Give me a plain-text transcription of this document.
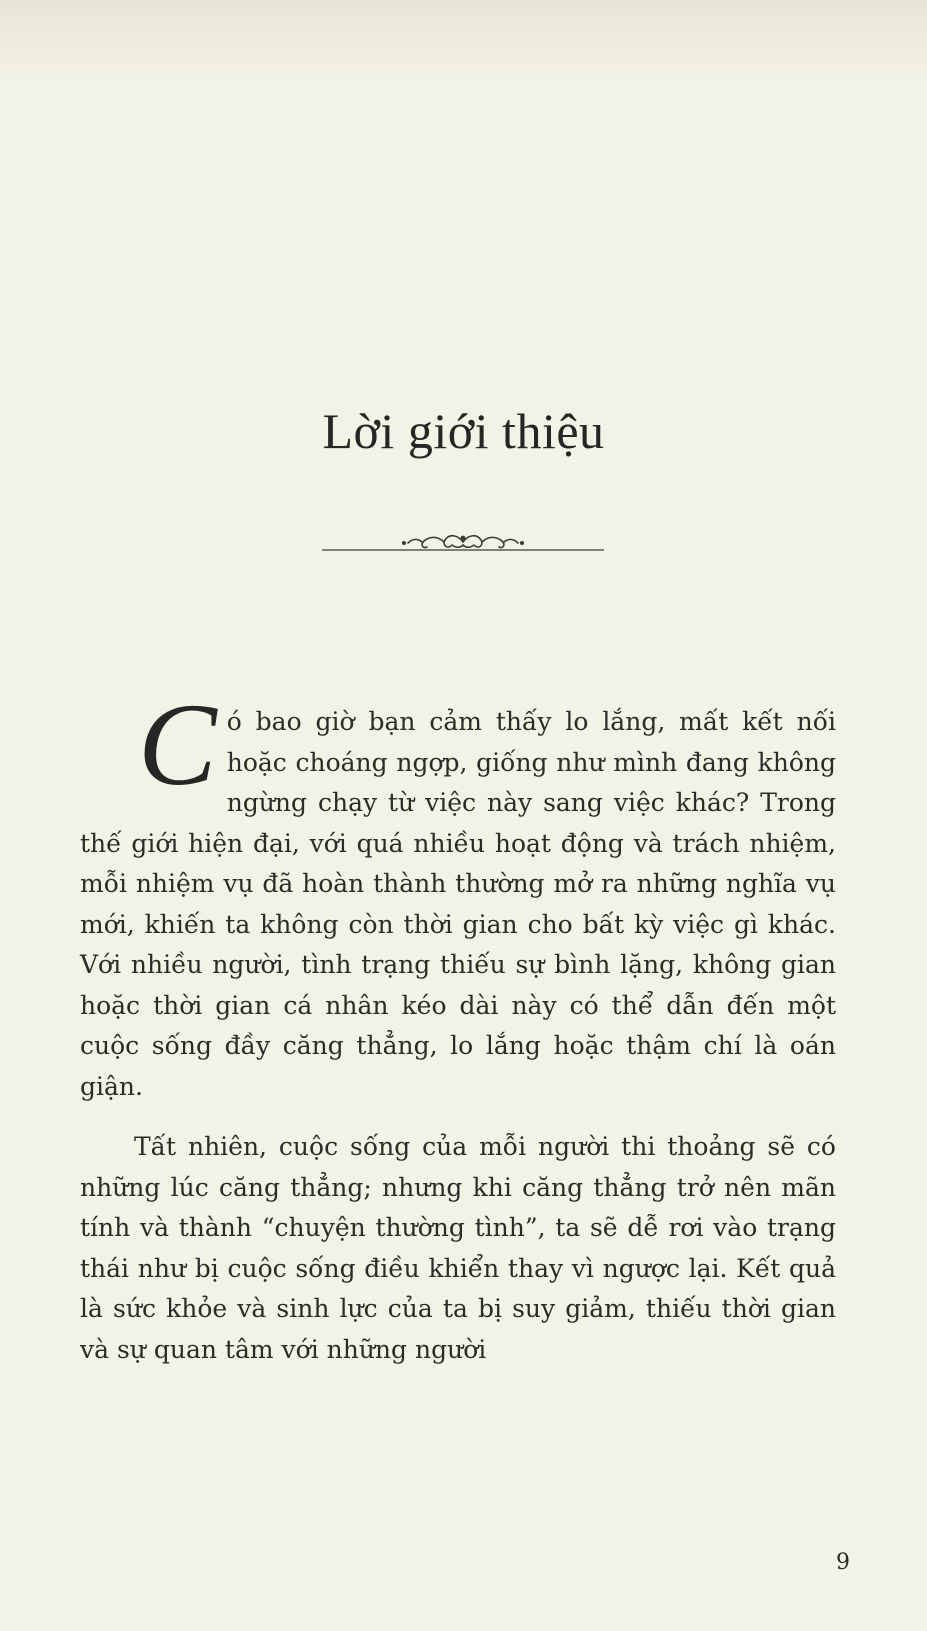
Lời giới thiệu

Có bao giờ bạn cảm thấy lo lắng, mất kết nối hoặc choáng ngợp, giống như mình đang không ngừng chạy từ việc này sang việc khác? Trong thế giới hiện đại, với quá nhiều hoạt động và trách nhiệm, mỗi nhiệm vụ đã hoàn thành thường mở ra những nghĩa vụ mới, khiến ta không còn thời gian cho bất kỳ việc gì khác. Với nhiều người, tình trạng thiếu sự bình lặng, không gian hoặc thời gian cá nhân kéo dài này có thể dẫn đến một cuộc sống đầy căng thẳng, lo lắng hoặc thậm chí là oán giận.

Tất nhiên, cuộc sống của mỗi người thi thoảng sẽ có những lúc căng thẳng; nhưng khi căng thẳng trở nên mãn tính và thành “chuyện thường tình”, ta sẽ dễ rơi vào trạng thái như bị cuộc sống điều khiển thay vì ngược lại. Kết quả là sức khỏe và sinh lực của ta bị suy giảm, thiếu thời gian và sự quan tâm với những người

9
